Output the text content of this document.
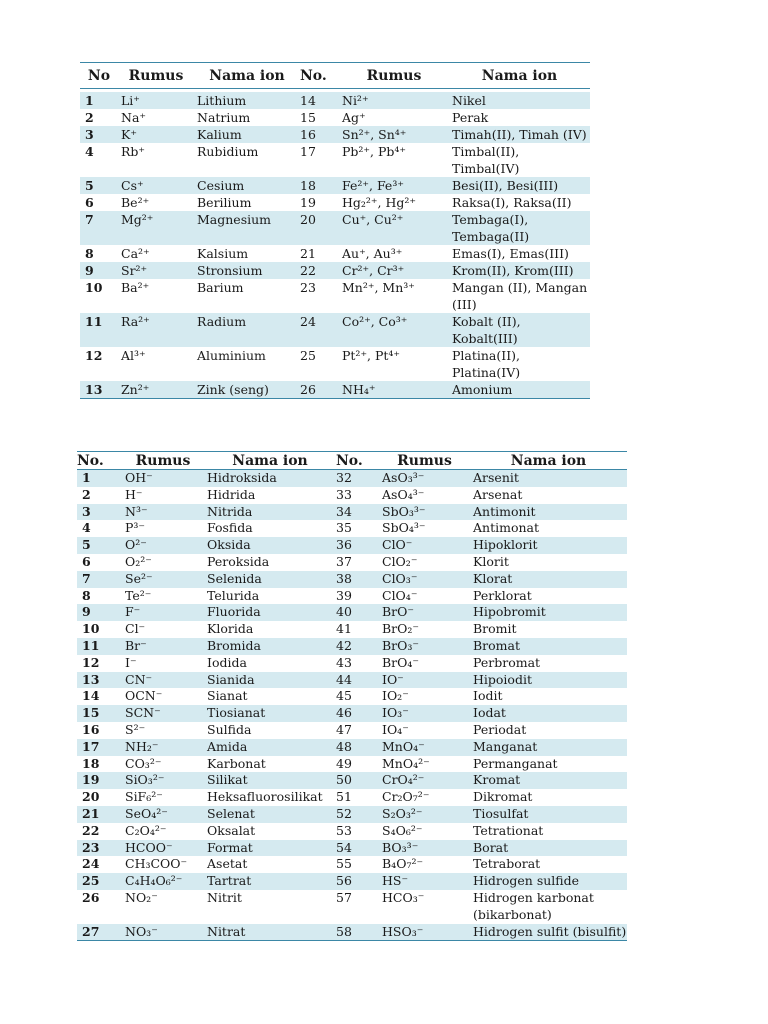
No	Rumus	Nama ion	No.	Rumus	Nama ion

1	Li⁺	Lithium	14	Ni²⁺	Nikel
2	Na⁺	Natrium	15	Ag⁺	Perak
3	K⁺	Kalium	16	Sn²⁺, Sn⁴⁺	Timah(II), Timah (IV)
4	Rb⁺	Rubidium	17	Pb²⁺, Pb⁴⁺	Timbal(II), Timbal(IV)
5	Cs⁺	Cesium	18	Fe²⁺, Fe³⁺	Besi(II), Besi(III)
6	Be²⁺	Berilium	19	Hg₂²⁺, Hg²⁺	Raksa(I), Raksa(II)
7	Mg²⁺	Magnesium	20	Cu⁺, Cu²⁺	Tembaga(I), Tembaga(II)
8	Ca²⁺	Kalsium	21	Au⁺, Au³⁺	Emas(I), Emas(III)
9	Sr²⁺	Stronsium	22	Cr²⁺, Cr³⁺	Krom(II), Krom(III)
10	Ba²⁺	Barium	23	Mn²⁺, Mn³⁺	Mangan (II), Mangan (III)
11	Ra²⁺	Radium	24	Co²⁺, Co³⁺	Kobalt (II), Kobalt(III)
12	Al³⁺	Aluminium	25	Pt²⁺, Pt⁴⁺	Platina(II), Platina(IV)
13	Zn²⁺	Zink (seng)	26	NH₄⁺	Amonium
No.	Rumus	Nama ion	No.	Rumus	Nama ion
1	OH⁻	Hidroksida	32	AsO₃³⁻	Arsenit
2	H⁻	Hidrida	33	AsO₄³⁻	Arsenat
3	N³⁻	Nitrida	34	SbO₃³⁻	Antimonit
4	P³⁻	Fosfida	35	SbO₄³⁻	Antimonat
5	O²⁻	Oksida	36	ClO⁻	Hipoklorit
6	O₂²⁻	Peroksida	37	ClO₂⁻	Klorit
7	Se²⁻	Selenida	38	ClO₃⁻	Klorat
8	Te²⁻	Telurida	39	ClO₄⁻	Perklorat
9	F⁻	Fluorida	40	BrO⁻	Hipobromit
10	Cl⁻	Klorida	41	BrO₂⁻	Bromit
11	Br⁻	Bromida	42	BrO₃⁻	Bromat
12	I⁻	Iodida	43	BrO₄⁻	Perbromat
13	CN⁻	Sianida	44	IO⁻	Hipoiodit
14	OCN⁻	Sianat	45	IO₂⁻	Iodit
15	SCN⁻	Tiosianat	46	IO₃⁻	Iodat
16	S²⁻	Sulfida	47	IO₄⁻	Periodat
17	NH₂⁻	Amida	48	MnO₄⁻	Manganat
18	CO₃²⁻	Karbonat	49	MnO₄²⁻	Permanganat
19	SiO₃²⁻	Silikat	50	CrO₄²⁻	Kromat
20	SiF₆²⁻	Heksafluorosilikat	51	Cr₂O₇²⁻	Dikromat
21	SeO₄²⁻	Selenat	52	S₂O₃²⁻	Tiosulfat
22	C₂O₄²⁻	Oksalat	53	S₄O₆²⁻	Tetrationat
23	HCOO⁻	Format	54	BO₃³⁻	Borat
24	CH₃COO⁻	Asetat	55	B₄O₇²⁻	Tetraborat
25	C₄H₄O₆²⁻	Tartrat	56	HS⁻	Hidrogen sulfide
26	NO₂⁻	Nitrit	57	HCO₃⁻	Hidrogen karbonat (bikarbonat)
27	NO₃⁻	Nitrat	58	HSO₃⁻	Hidrogen sulfit (bisulfit)
